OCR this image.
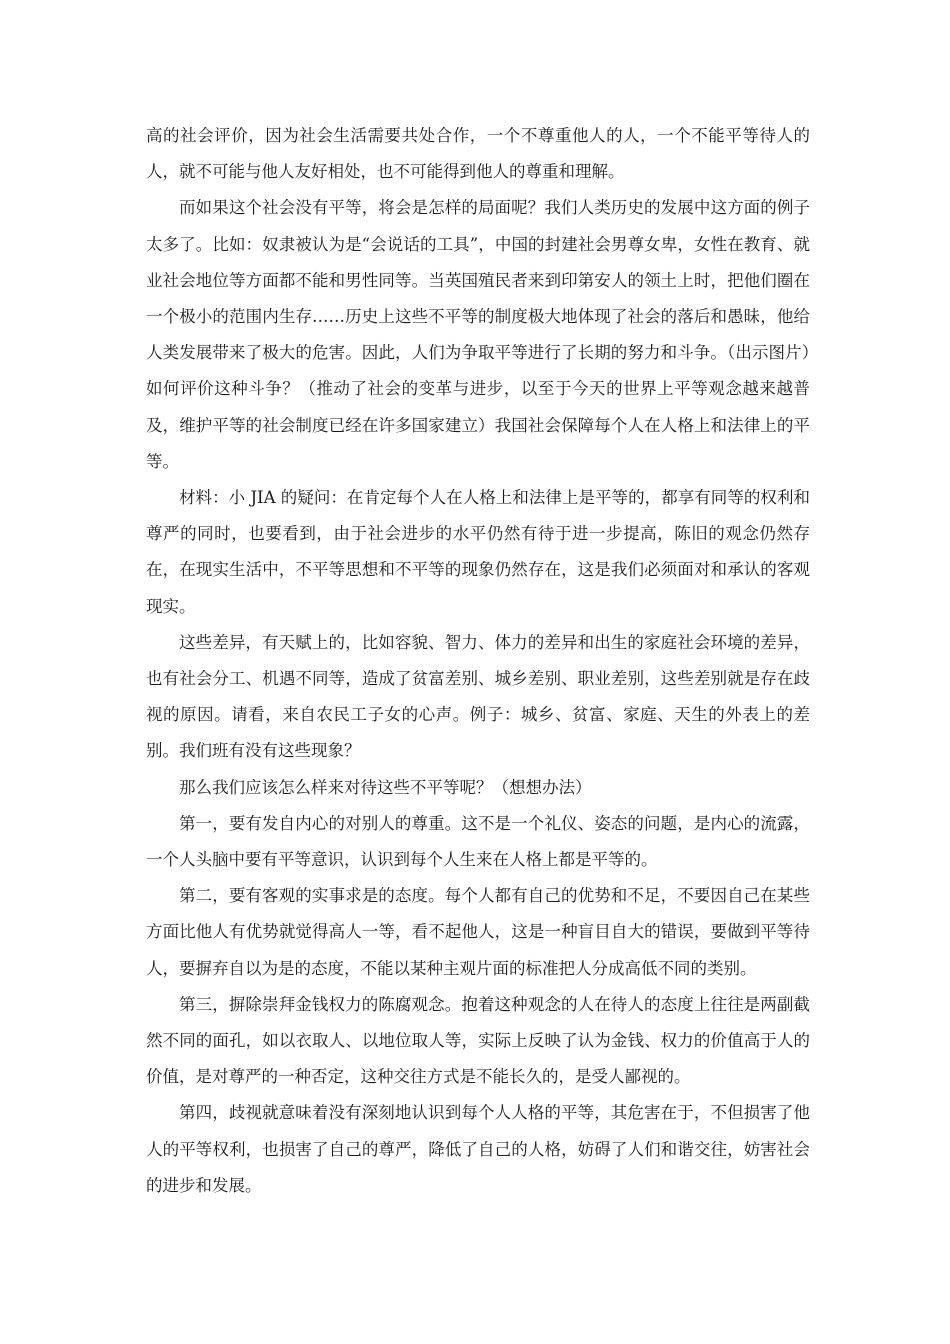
高的社会评价，因为社会生活需要共处合作，一个不尊重他人的人，一个不能平等待人的人，就不可能与他人友好相处，也不可能得到他人的尊重和理解。

而如果这个社会没有平等，将会是怎样的局面呢？我们人类历史的发展中这方面的例子太多了。比如：奴隶被认为是“会说话的工具”，中国的封建社会男尊女卑，女性在教育、就业社会地位等方面都不能和男性同等。当英国殖民者来到印第安人的领土上时，把他们圈在一个极小的范围内生存……历史上这些不平等的制度极大地体现了社会的落后和愚昧，他给人类发展带来了极大的危害。因此，人们为争取平等进行了长期的努力和斗争。（出示图片）如何评价这种斗争？（推动了社会的变革与进步，以至于今天的世界上平等观念越来越普及，维护平等的社会制度已经在许多国家建立）我国社会保障每个人在人格上和法律上的平等。

材料：小 JIA 的疑问：在肯定每个人在人格上和法律上是平等的，都享有同等的权利和尊严的同时，也要看到，由于社会进步的水平仍然有待于进一步提高，陈旧的观念仍然存在，在现实生活中，不平等思想和不平等的现象仍然存在，这是我们必须面对和承认的客观现实。

这些差异，有天赋上的，比如容貌、智力、体力的差异和出生的家庭社会环境的差异，也有社会分工、机遇不同等，造成了贫富差别、城乡差别、职业差别，这些差别就是存在歧视的原因。请看，来自农民工子女的心声。例子：城乡、贫富、家庭、天生的外表上的差别。我们班有没有这些现象？

那么我们应该怎么样来对待这些不平等呢？（想想办法）

第一，要有发自内心的对别人的尊重。这不是一个礼仪、姿态的问题，是内心的流露，一个人头脑中要有平等意识，认识到每个人生来在人格上都是平等的。

第二，要有客观的实事求是的态度。每个人都有自己的优势和不足，不要因自己在某些方面比他人有优势就觉得高人一等，看不起他人，这是一种盲目自大的错误，要做到平等待人，要摒弃自以为是的态度，不能以某种主观片面的标准把人分成高低不同的类别。

第三，摒除崇拜金钱权力的陈腐观念。抱着这种观念的人在待人的态度上往往是两副截然不同的面孔，如以衣取人、以地位取人等，实际上反映了认为金钱、权力的价值高于人的价值，是对尊严的一种否定，这种交往方式是不能长久的，是受人鄙视的。

第四，歧视就意味着没有深刻地认识到每个人人格的平等，其危害在于，不但损害了他人的平等权利，也损害了自己的尊严，降低了自己的人格，妨碍了人们和谐交往，妨害社会的进步和发展。
